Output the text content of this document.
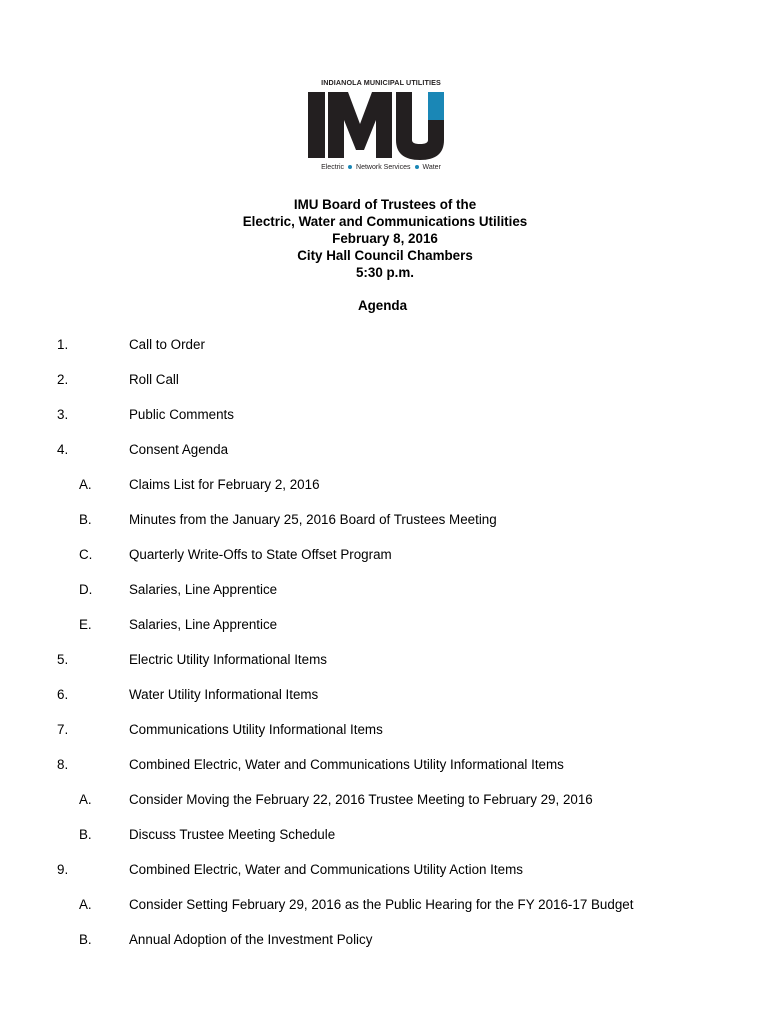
INDIANOLA MUNICIPAL UTILITIES
Electric Network Services Water
IMU Board of Trustees of the
Electric, Water and Communications Utilities
February 8, 2016
City Hall Council Chambers
5:30 p.m.
Agenda
1.	Call to Order
2.	Roll Call
3.	Public Comments
4.	Consent Agenda
A.	Claims List for February 2, 2016
B.	Minutes from the January 25, 2016 Board of Trustees Meeting
C.	Quarterly Write-Offs to State Offset Program
D.	Salaries, Line Apprentice
E.	Salaries, Line Apprentice
5.	Electric Utility Informational Items
6.	Water Utility Informational Items
7.	Communications Utility Informational Items
8.	Combined Electric, Water and Communications Utility Informational Items
A.	Consider Moving the February 22, 2016 Trustee Meeting to February 29, 2016
B.	Discuss Trustee Meeting Schedule
9.	Combined Electric, Water and Communications Utility Action Items
A.	Consider Setting February 29, 2016 as the Public Hearing for the FY 2016-17 Budget
B.	Annual Adoption of the Investment Policy
